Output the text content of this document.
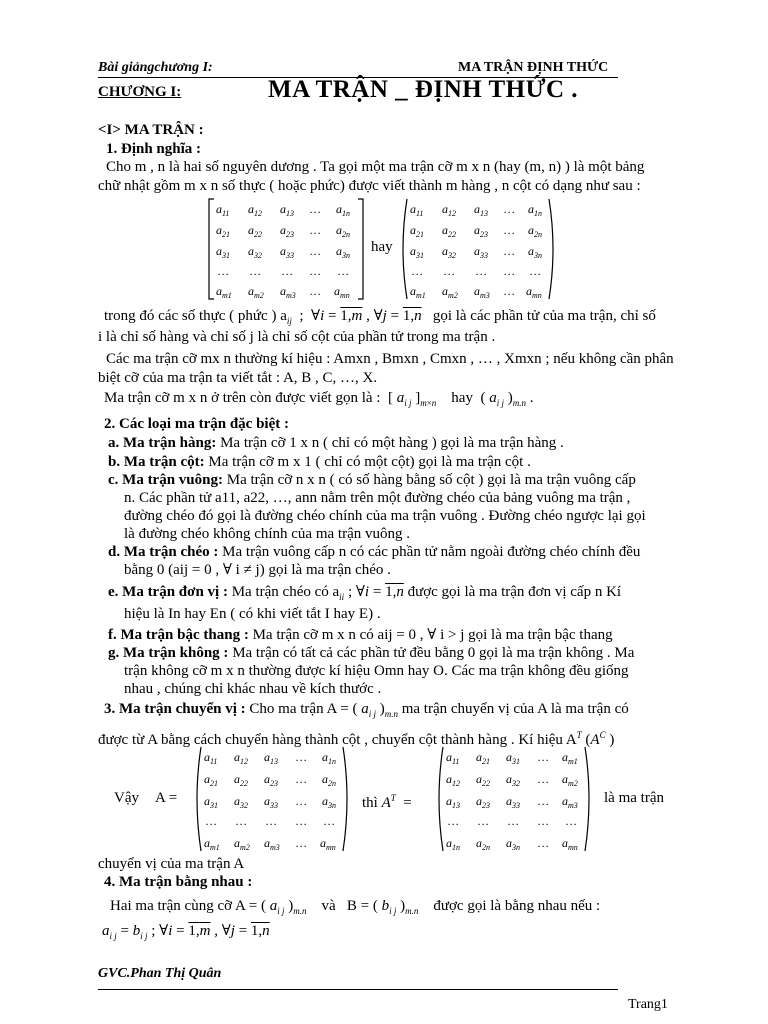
Bài giảngchương I:	MA TRẬN ĐỊNH THỨC
CHƯƠNG I:	MA TRẬN _ ĐỊNH THỨC .
<I> MA TRẬN :
1. Định nghĩa :
Cho m , n là hai số nguyên dương . Ta gọi một ma trận cỡ m x n (hay (m, n) ) là một bảng
chữ nhật gồm m x n số thực ( hoặc phức) được viết thành m hàng , n cột có dạng như sau :
$a_{11}$ $a_{12}$ $a_{13}$ … $a_{1n}$
$a_{21}$ $a_{22}$ $a_{23}$ … $a_{2n}$
$a_{31}$ $a_{32}$ $a_{33}$ … $a_{3n}$
… … … … …
$a_{m1}$ $a_{m2}$ $a_{m3}$ … $a_{mn}$
hay
$a_{11}$ $a_{12}$ $a_{13}$ … $a_{1n}$
$a_{21}$ $a_{22}$ $a_{23}$ … $a_{2n}$
$a_{31}$ $a_{32}$ $a_{33}$ … $a_{3n}$
… … … … …
$a_{m1}$ $a_{m2}$ $a_{m3}$ … $a_{mn}$
trong đó các số thực ( phức ) $a_{ij}$  ;  ∀i = 1,m , ∀j = 1,n   gọi là các phần tử của ma trận, chỉ số
i là chỉ số hàng và chỉ số j là chỉ số cột của phần tử trong ma trận .
Các ma trận cỡ mx n thường kí hiệu : Amxn , Bmxn , Cmxn , … , Xmxn ; nếu không cần phân
biệt cỡ của ma trận ta viết tắt : A, B , C, …, X.
Ma trận cỡ m x n ở trên còn được viết gọn là :  [ $a_{i j}$ ]$_{m\times n}$ hay  ( $a_{i j}$ )$_{m.n}$ .
2. Các loại ma trận đặc biệt :
a. Ma trận hàng: Ma trận cỡ 1 x n ( chỉ có một hàng ) gọi là ma trận hàng .
b. Ma trận cột: Ma trận cỡ m x 1 ( chỉ có một cột) gọi là ma trận cột .
c. Ma trận vuông: Ma trận cỡ n x n ( có số hàng bằng số cột ) gọi là ma trận vuông cấp
n. Các phần tử a11, a22, …, ann nằm trên một đường chéo của bảng vuông ma trận ,
đường chéo đó gọi là đường chéo chính của ma trận vuông . Đường chéo ngược lại gọi
là đường chéo không chính của ma trận vuông .
d. Ma trận chéo : Ma trận vuông cấp n có các phần tử nằm ngoài đường chéo chính đều
bằng 0 (aij = 0 , ∀ i ≠ j) gọi là ma trận chéo .
e. Ma trận đơn vị : Ma trận chéo có $a_{ii}$ ; ∀i = 1,n được gọi là ma trận đơn vị cấp n Kí
hiệu là In hay En ( có khi viết tắt I hay E) .
f. Ma trận bậc thang : Ma trận cỡ m x n có aij = 0 , ∀ i > j gọi là ma trận bậc thang
g. Ma trận không : Ma trận có tất cả các phần tử đều bằng 0 gọi là ma trận không . Ma
trận không cỡ m x n thường được kí hiệu Omn hay O. Các ma trận không đều giống
nhau , chúng chỉ khác nhau về kích thước .
3. Ma trận chuyển vị : Cho ma trận A = ( $a_{i j}$ )$_{m.n}$ ma trận chuyển vị của A là ma trận có
được từ A bằng cách chuyển hàng thành cột , chuyển cột thành hàng . Kí hiệu $A^T$ ($A^C$ )
Vậy A =
$a_{11}$ $a_{12}$ $a_{13}$ … $a_{1n}$
$a_{21}$ $a_{22}$ $a_{23}$ … $a_{2n}$
$a_{31}$ $a_{32}$ $a_{33}$ … $a_{3n}$
… … … … …
$a_{m1}$ $a_{m2}$ $a_{m3}$ … $a_{mn}$
thì $A^T$ =
$a_{11}$ $a_{21}$ $a_{31}$ … $a_{m1}$
$a_{12}$ $a_{22}$ $a_{32}$ … $a_{m2}$
$a_{13}$ $a_{23}$ $a_{33}$ … $a_{m3}$
… … … … …
$a_{1n}$ $a_{2n}$ $a_{3n}$ … $a_{mn}$
là ma trận
chuyển vị của ma trận A
4. Ma trận bằng nhau :
Hai ma trận cùng cỡ A = ( $a_{i j}$ )$_{m.n}$ và B = ( $b_{i j}$ )$_{m.n}$ được gọi là bằng nhau nếu :
$a_{i j} = b_{i j}$ ; ∀i = 1,m , ∀j = 1,n
GVC.Phan Thị Quân
Trang1
